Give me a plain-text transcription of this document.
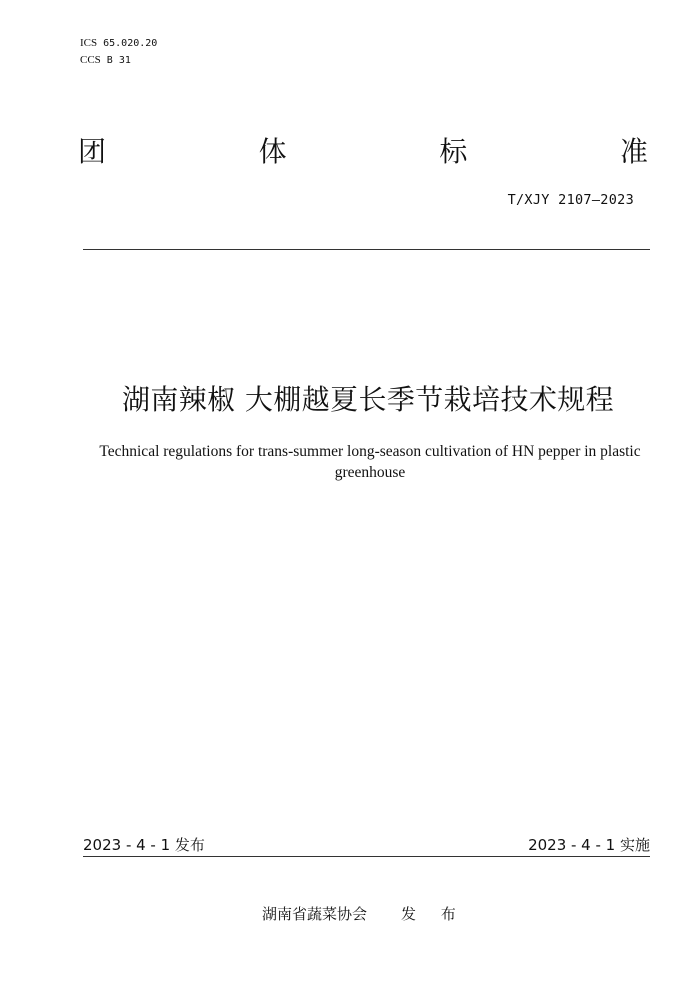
ICS 65.020.20
CCS B 31
团	体	标	准
T/XJY 2107—2023
湖南辣椒 大棚越夏长季节栽培技术规程
Technical regulations for trans-summer long-season cultivation of HN pepper in plastic greenhouse
2023 - 4 - 1 发布	2023 - 4 - 1 实施
湖南省蔬菜协会 发 布
